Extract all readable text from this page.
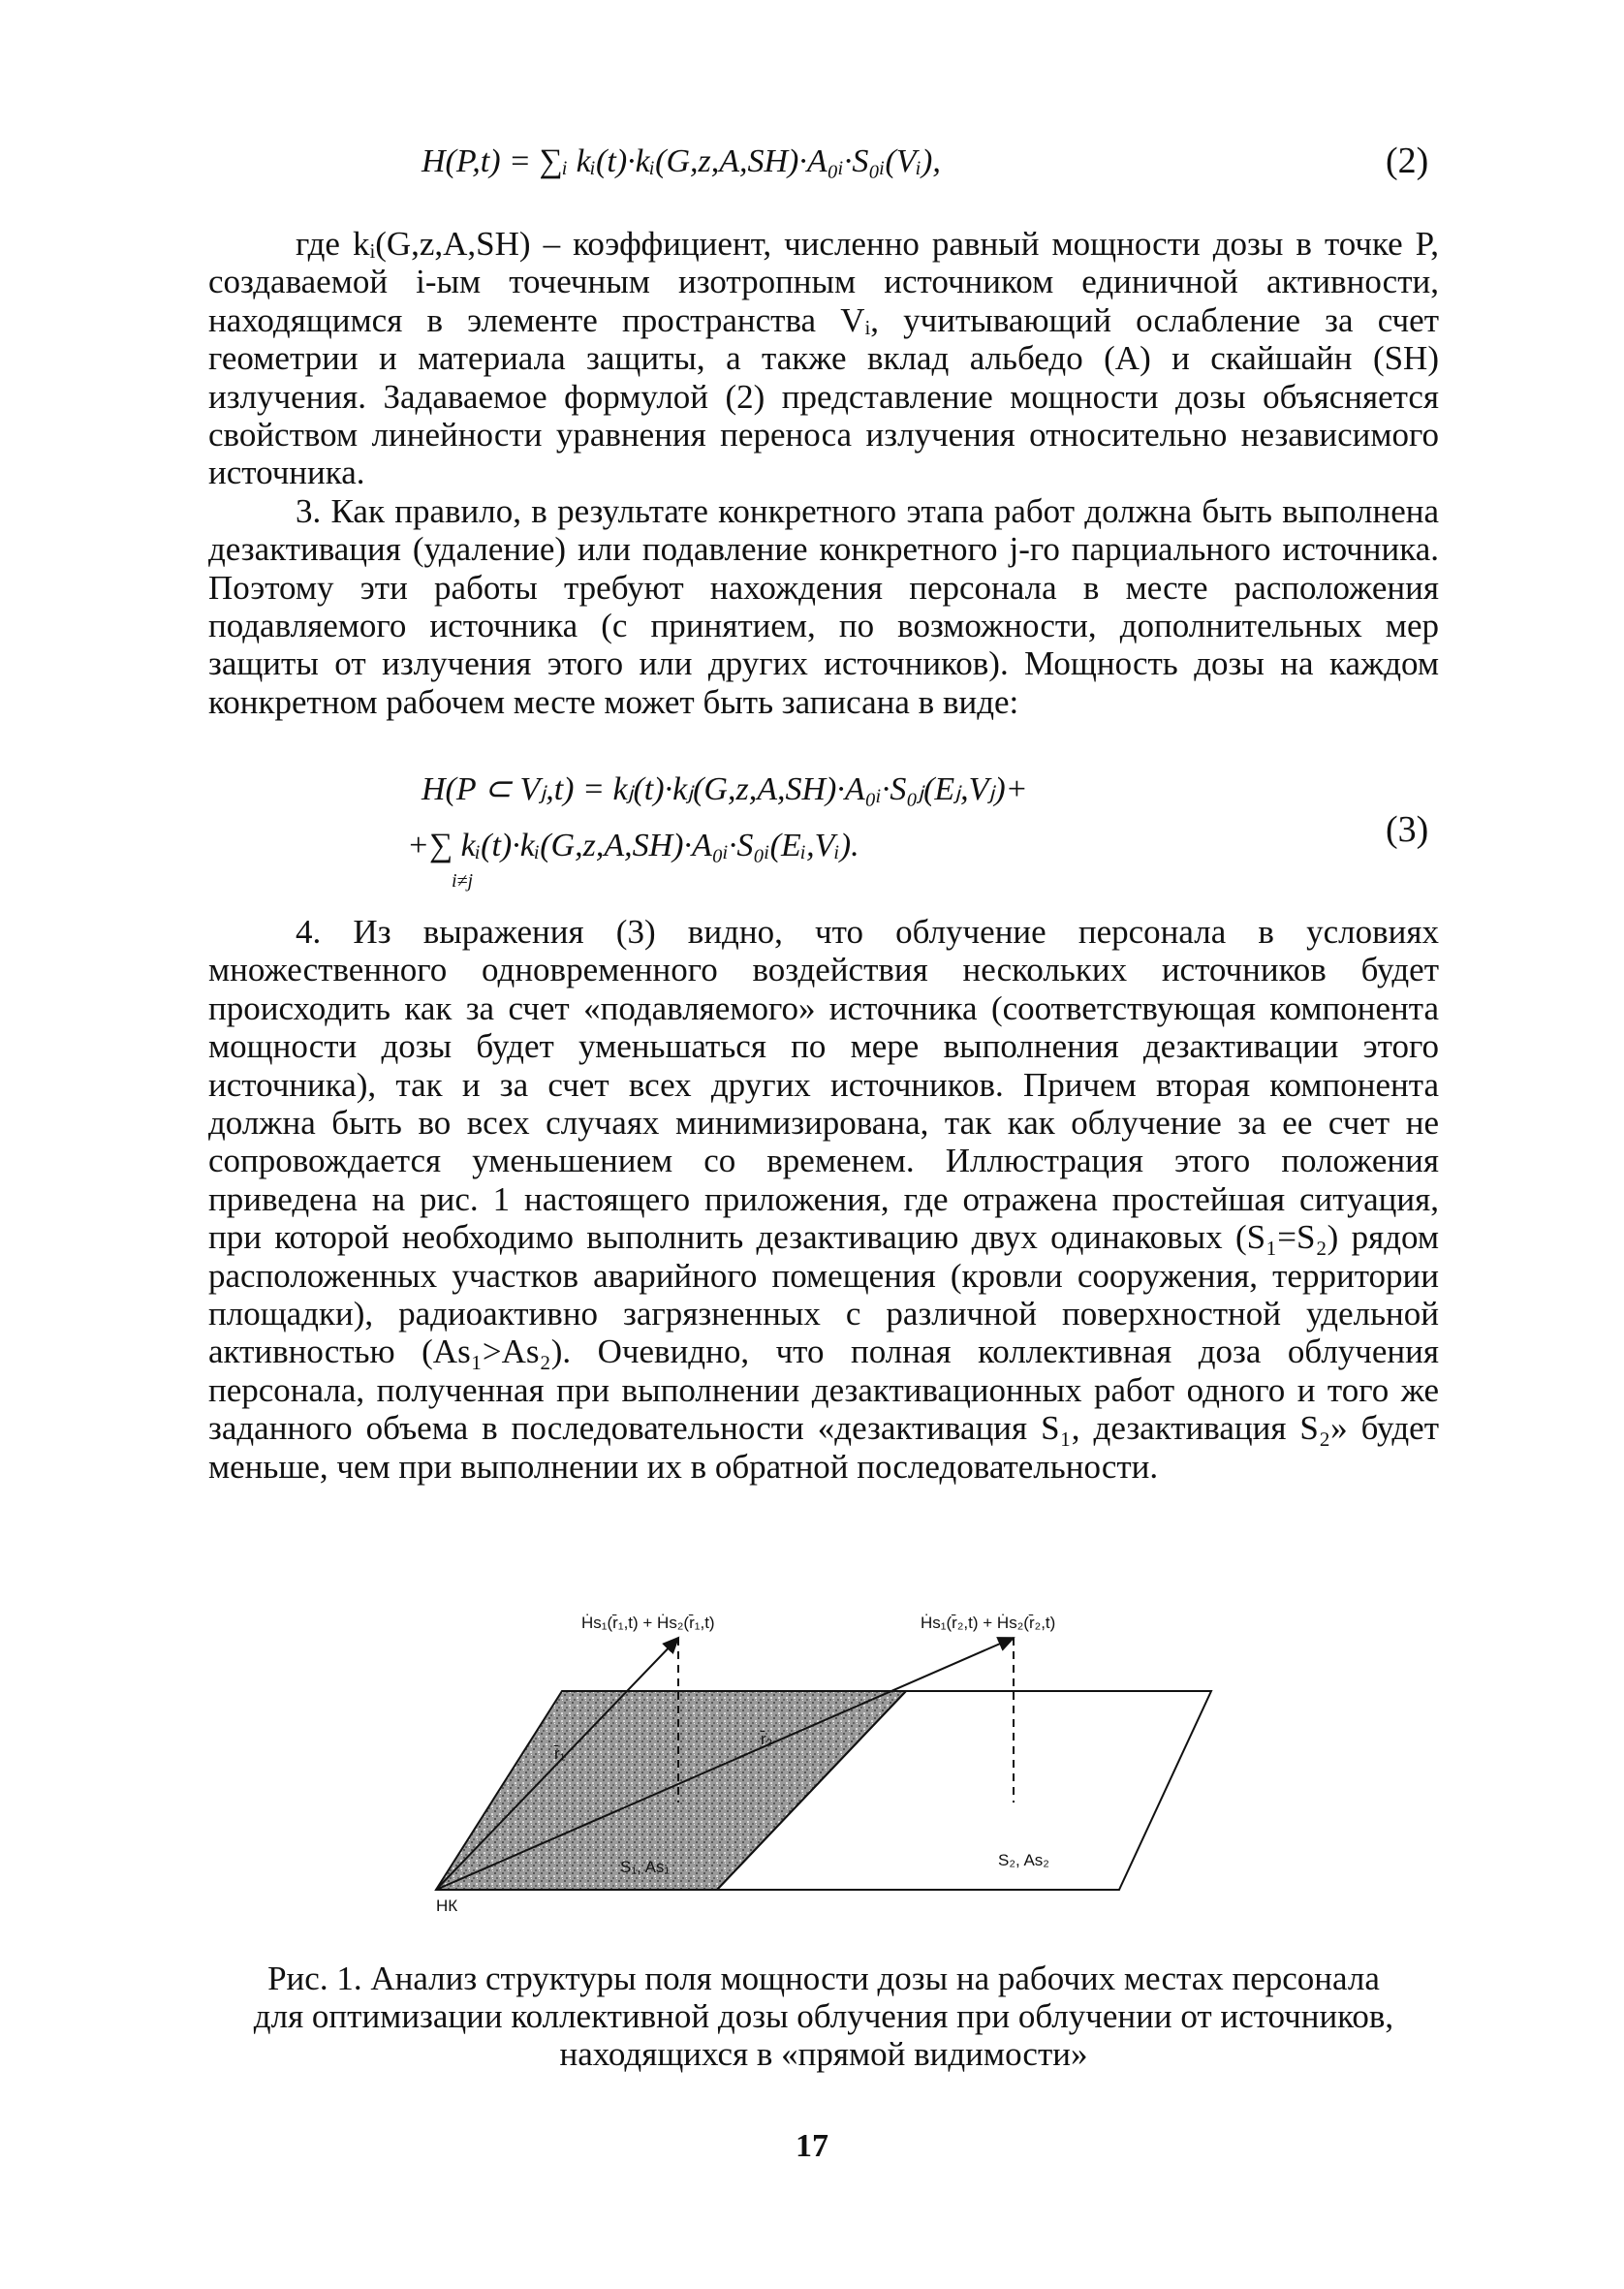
H(P,t) = ∑ᵢ kᵢ(t)·kᵢ(G,z,A,SH)·A₀ᵢ·S₀ᵢ(Vᵢ),	(2)

где kᵢ(G,z,A,SH) – коэффициент, численно равный мощности дозы в точке P, создаваемой i-ым точечным изотропным источником единичной активности, находящимся в элементе пространства Vᵢ, учитывающий ослабление за счет геометрии и материала защиты, а также вклад альбедо (A) и скайшайн (SH) излучения. Задаваемое формулой (2) представление мощности дозы объясняется свойством линейности уравнения переноса излучения относительно независимого источника.

3. Как правило, в результате конкретного этапа работ должна быть выполнена дезактивация (удаление) или подавление конкретного j-го парциального источника. Поэтому эти работы требуют нахождения персонала в месте расположения подавляемого источника (с принятием, по возможности, дополнительных мер защиты от излучения этого или других источников). Мощность дозы на каждом конкретном рабочем месте может быть записана в виде:

H(P ⊂ Vⱼ,t) = kⱼ(t)·kⱼ(G,z,A,SH)·A₀ᵢ·S₀ⱼ(Eⱼ,Vⱼ)+
+∑ kᵢ(t)·kᵢ(G,z,A,SH)·A₀ᵢ·S₀ᵢ(Eᵢ,Vᵢ).
i≠j
(3)

4. Из выражения (3) видно, что облучение персонала в условиях множественного одновременного воздействия нескольких источников будет происходить как за счет «подавляемого» источника (соответствующая компонента мощности дозы будет уменьшаться по мере выполнения дезактивации этого источника), так и за счет всех других источников. Причем вторая компонента должна быть во всех случаях минимизирована, так как облучение за ее счет не сопровождается уменьшением со временем. Иллюстрация этого положения приведена на рис. 1 настоящего приложения, где отражена простейшая ситуация, при которой необходимо выполнить дезактивацию двух одинаковых (S₁=S₂) рядом расположенных участков аварийного помещения (кровли сооружения, территории площадки), радиоактивно загрязненных с различной поверхностной удельной активностью (As₁>As₂). Очевидно, что полная коллективная доза облучения персонала, полученная при выполнении дезактивационных работ одного и того же заданного объема в последовательности «дезактивация S₁, дезактивация S₂» будет меньше, чем при выполнении их в обратной последовательности.

Ḣs₁(r̄₁,t) + Ḣs₂(r̄₁,t)	Ḣs₁(r̄₂,t) + Ḣs₂(r̄₂,t)
r̄₁
r̄₂
S₁, As₁	S₂, As₂
НК
Рис. 1. Анализ структуры поля мощности дозы на рабочих местах персонала для оптимизации коллективной дозы облучения при облучении от источников, находящихся в «прямой видимости»
17
